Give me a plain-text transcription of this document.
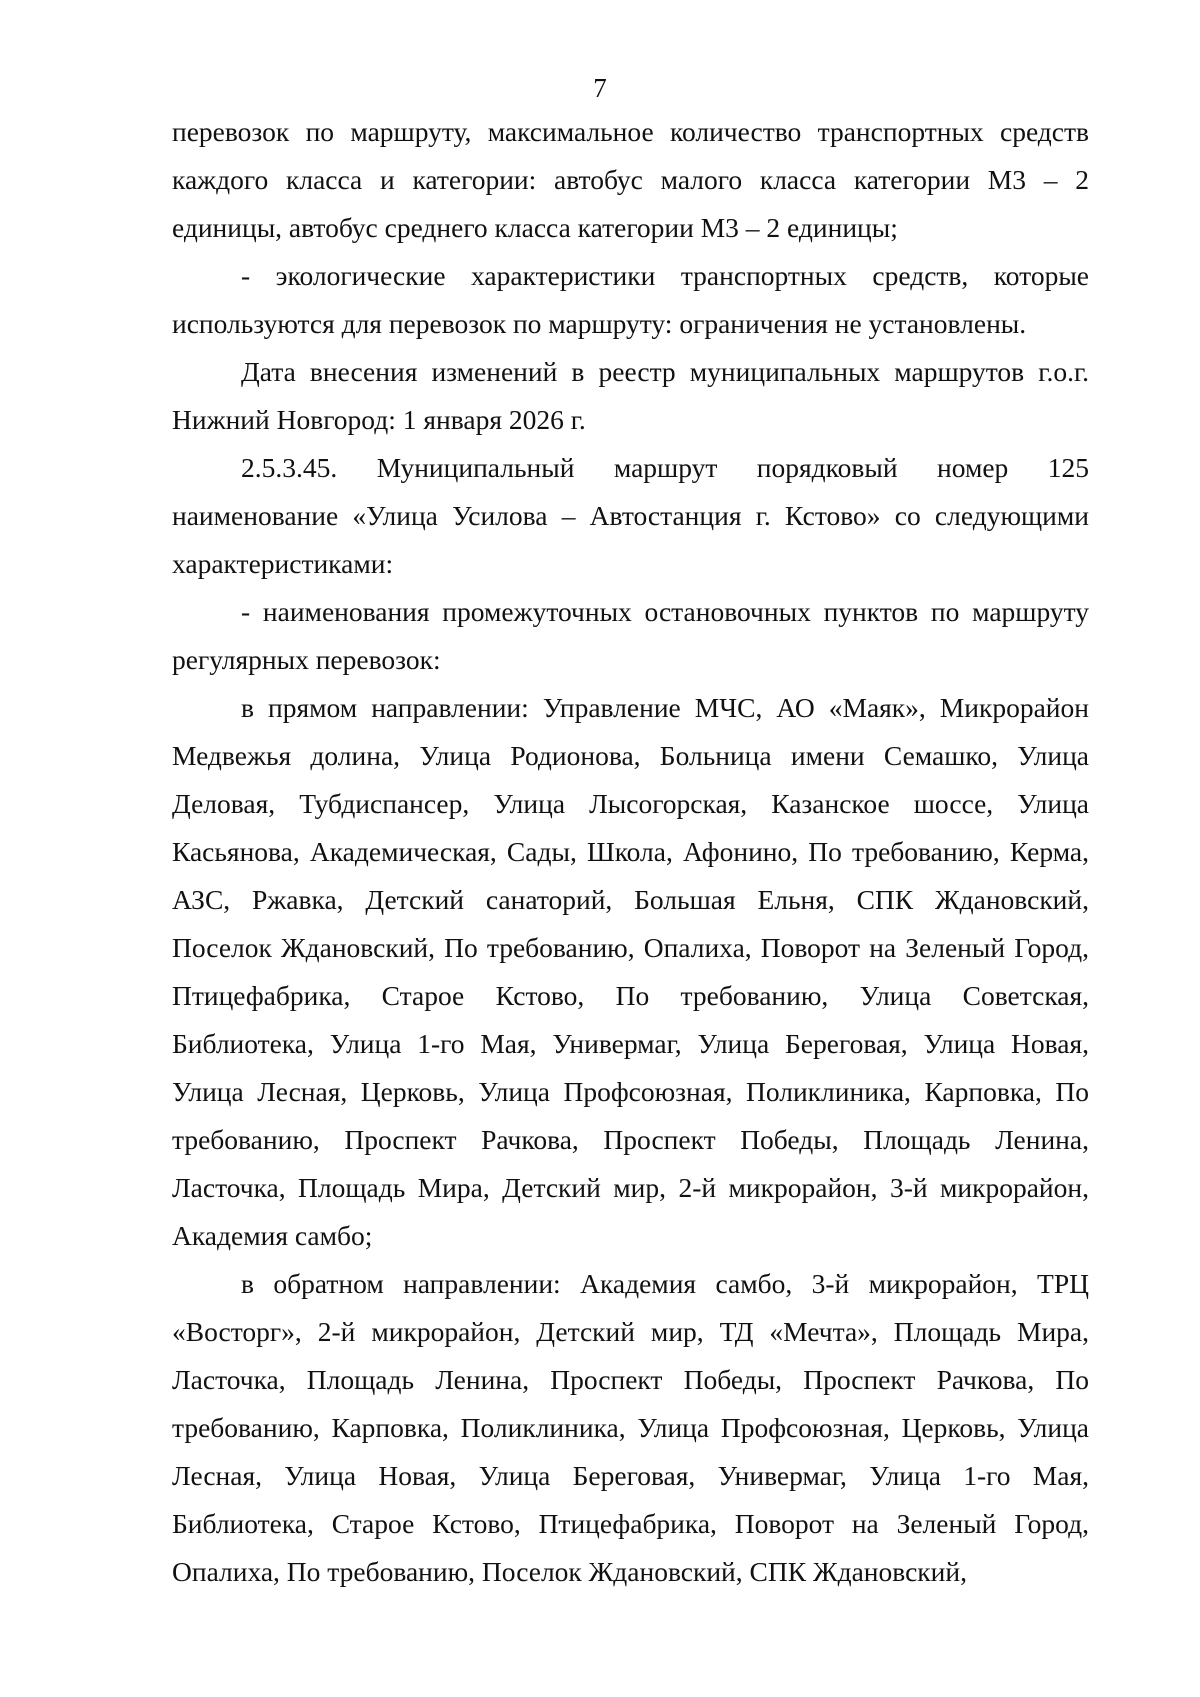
7

перевозок по маршруту, максимальное количество транспортных средств каждого класса и категории: автобус малого класса категории М3 – 2 единицы, автобус среднего класса категории М3 – 2 единицы;

- экологические характеристики транспортных средств, которые используются для перевозок по маршруту: ограничения не установлены.

Дата внесения изменений в реестр муниципальных маршрутов г.о.г. Нижний Новгород: 1 января 2026 г.

2.5.3.45. Муниципальный маршрут порядковый номер 125 наименование «Улица Усилова – Автостанция г. Кстово» со следующими характеристиками:

- наименования промежуточных остановочных пунктов по маршруту регулярных перевозок:

в прямом направлении: Управление МЧС, АО «Маяк», Микрорайон Медвежья долина, Улица Родионова, Больница имени Семашко, Улица Деловая, Тубдиспансер, Улица Лысогорская, Казанское шоссе, Улица Касьянова, Академическая, Сады, Школа, Афонино, По требованию, Керма, АЗС, Ржавка, Детский санаторий, Большая Ельня, СПК Ждановский, Поселок Ждановский, По требованию, Опалиха, Поворот на Зеленый Город, Птицефабрика, Старое Кстово, По требованию, Улица Советская, Библиотека, Улица 1-го Мая, Универмаг, Улица Береговая, Улица Новая, Улица Лесная, Церковь, Улица Профсоюзная, Поликлиника, Карповка, По требованию, Проспект Рачкова, Проспект Победы, Площадь Ленина, Ласточка, Площадь Мира, Детский мир, 2-й микрорайон, 3-й микрорайон, Академия самбо;

в обратном направлении: Академия самбо, 3-й микрорайон, ТРЦ «Восторг», 2-й микрорайон, Детский мир, ТД «Мечта», Площадь Мира, Ласточка, Площадь Ленина, Проспект Победы, Проспект Рачкова, По требованию, Карповка, Поликлиника, Улица Профсоюзная, Церковь, Улица Лесная, Улица Новая, Улица Береговая, Универмаг, Улица 1-го Мая, Библиотека, Старое Кстово, Птицефабрика, Поворот на Зеленый Город, Опалиха, По требованию, Поселок Ждановский, СПК Ждановский,
